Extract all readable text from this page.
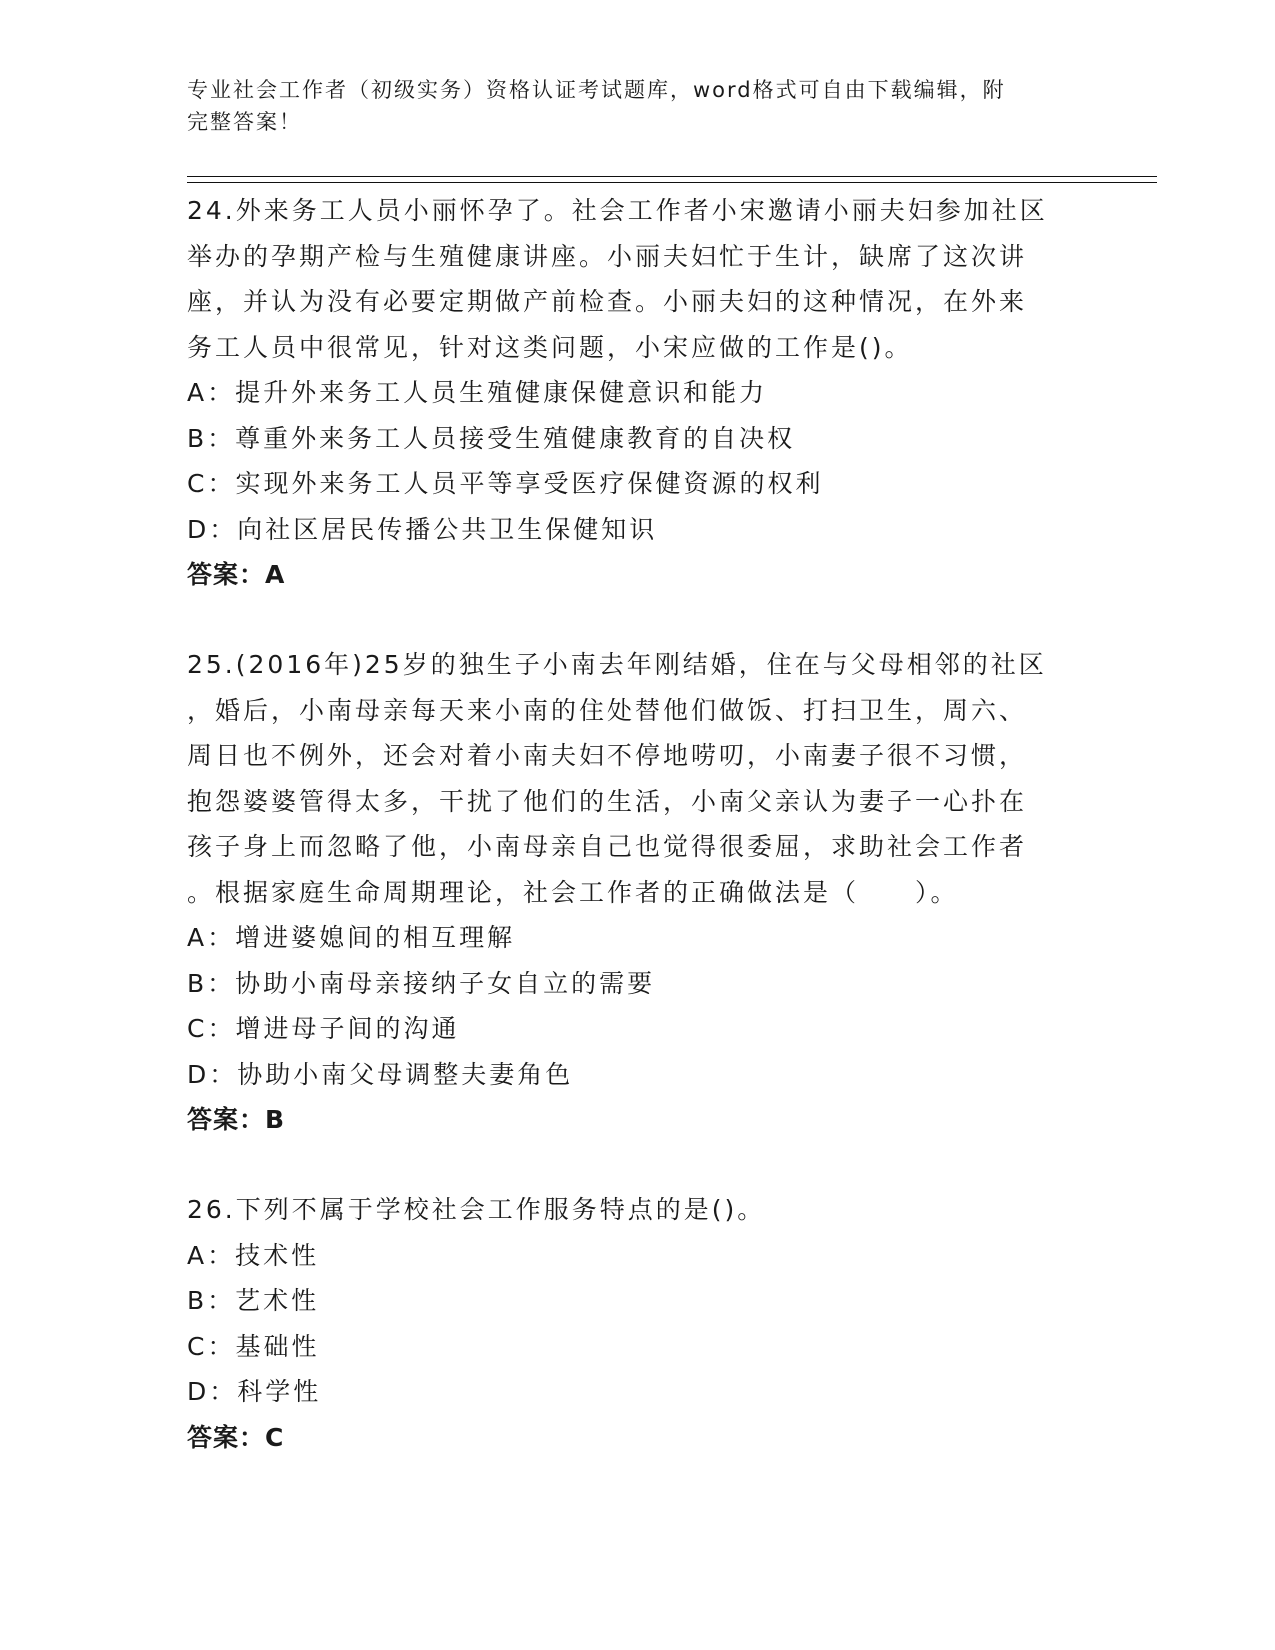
专业社会工作者（初级实务）资格认证考试题库，word格式可自由下载编辑，附
完整答案！
24.外来务工人员小丽怀孕了。社会工作者小宋邀请小丽夫妇参加社区
举办的孕期产检与生殖健康讲座。小丽夫妇忙于生计，缺席了这次讲
座，并认为没有必要定期做产前检查。小丽夫妇的这种情况，在外来
务工人员中很常见，针对这类问题，小宋应做的工作是()。
A：提升外来务工人员生殖健康保健意识和能力
B：尊重外来务工人员接受生殖健康教育的自决权
C：实现外来务工人员平等享受医疗保健资源的权利
D：向社区居民传播公共卫生保健知识
答案：A
25.(2016年)25岁的独生子小南去年刚结婚，住在与父母相邻的社区
，婚后，小南母亲每天来小南的住处替他们做饭、打扫卫生，周六、
周日也不例外，还会对着小南夫妇不停地唠叨，小南妻子很不习惯，
抱怨婆婆管得太多，干扰了他们的生活，小南父亲认为妻子一心扑在
孩子身上而忽略了他，小南母亲自己也觉得很委屈，求助社会工作者
。根据家庭生命周期理论，社会工作者的正确做法是（　　）。
A：增进婆媳间的相互理解
B：协助小南母亲接纳子女自立的需要
C：增进母子间的沟通
D：协助小南父母调整夫妻角色
答案：B
26.下列不属于学校社会工作服务特点的是()。
A：技术性
B：艺术性
C：基础性
D：科学性
答案：C
